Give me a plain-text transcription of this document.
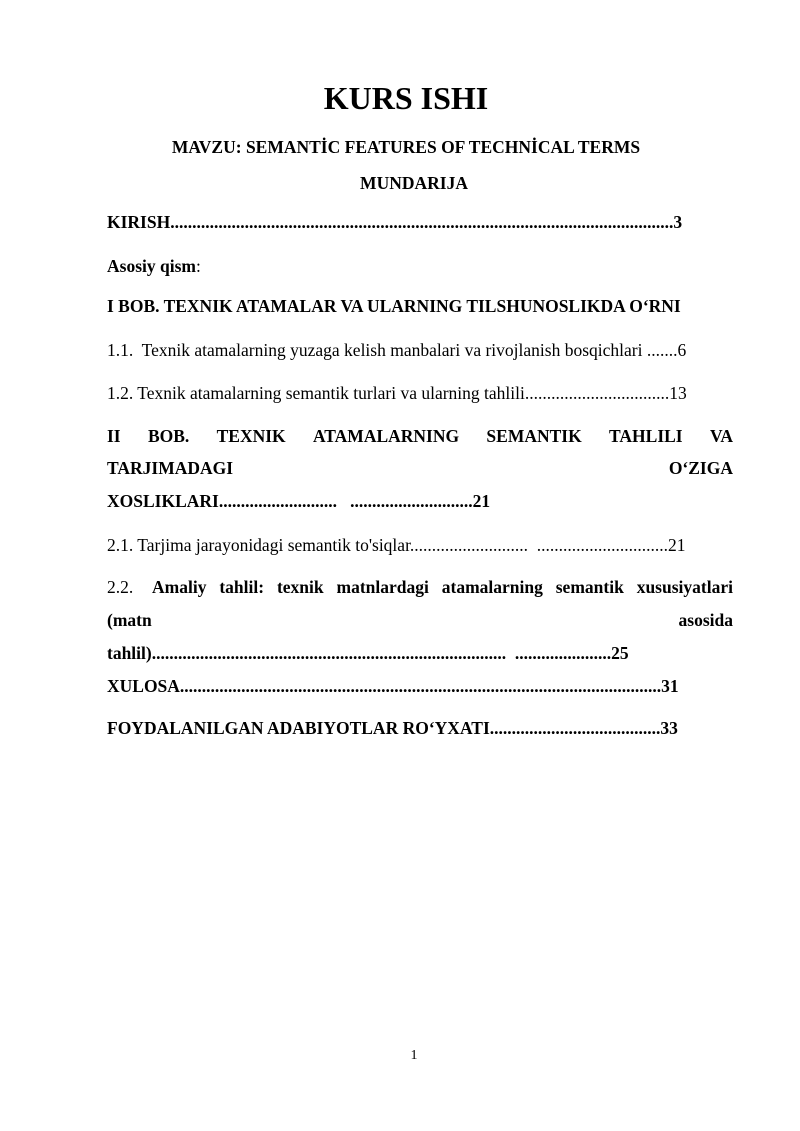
KURS ISHI
MAVZU: SEMANTİC FEATURES OF TECHNİCAL TERMS
MUNDARIJA
KIRISH...................................................................................................................3
Asosiy qism:
I BOB. TEXNIK ATAMALAR VA ULARNING TILSHUNOSLIKDA O‘RNI
1.1.  Texnik atamalarning yuzaga kelish manbalari va rivojlanish bosqichlari .......6
1.2. Texnik atamalarning semantik turlari va ularning tahlili.................................13
II BOB. TEXNIK ATAMALARNING SEMANTIK TAHLILI VA
TARJIMADAGI	O‘ZIGA
XOSLIKLARI...........................   ............................21
2.1. Tarjima jarayonidagi semantik to'siqlar...........................  ..............................21
2.2. Amaliy tahlil: texnik matnlardagi atamalarning semantik xususiyatlari
(matn	asosida
tahlil).................................................................................  ......................25
XULOSA..............................................................................................................31
FOYDALANILGAN ADABIYOTLAR RO‘YXATI.......................................33
1
